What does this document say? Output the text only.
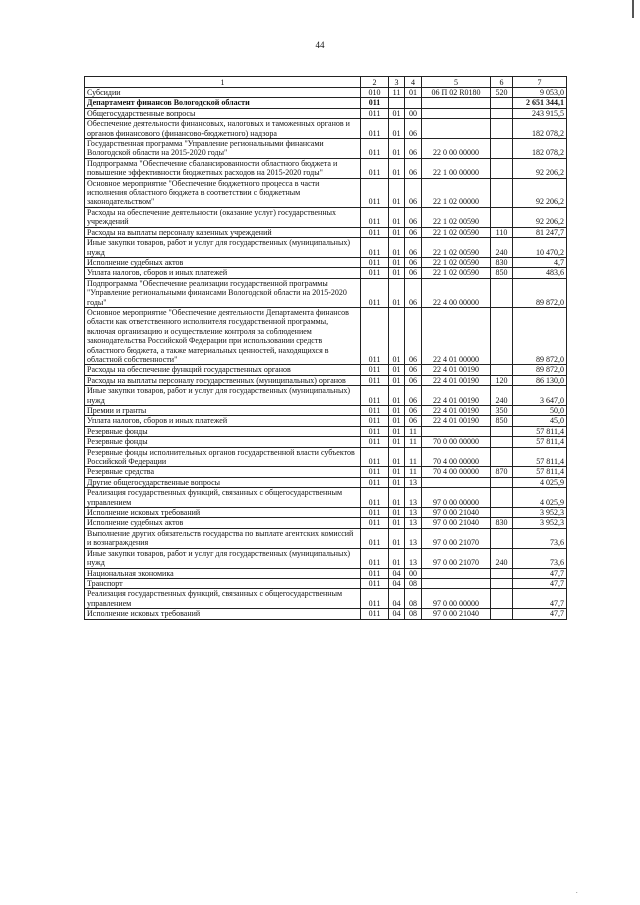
44
1	2	3	4	5	6	7
Субсидии	010	11	01	06 П 02 R0180	520	9 053,0
Департамент финансов Вологодской области	011					2 651 344,1
Общегосударственные вопросы	011	01	00			243 915,5
Обеспечение деятельности финансовых, налоговых и таможенных органов и органов финансового (финансово-бюджетного) надзора	011	01	06			182 078,2
Государственная программа "Управление региональными финансами Вологодской области на 2015-2020 годы"	011	01	06	22 0 00 00000		182 078,2
Подпрограмма "Обеспечение сбалансированности областного бюджета и повышение эффективности бюджетных расходов на 2015-2020 годы"	011	01	06	22 1 00 00000		92 206,2
Основное мероприятие "Обеспечение бюджетного процесса в части исполнения областного бюджета в соответствии с бюджетным законодательством"	011	01	06	22 1 02 00000		92 206,2
Расходы на обеспечение деятельности (оказание услуг) государственных учреждений	011	01	06	22 1 02 00590		92 206,2
Расходы на выплаты персоналу казенных учреждений	011	01	06	22 1 02 00590	110	81 247,7
Иные закупки товаров, работ и услуг для государственных (муниципальных) нужд	011	01	06	22 1 02 00590	240	10 470,2
Исполнение судебных актов	011	01	06	22 1 02 00590	830	4,7
Уплата налогов, сборов и иных платежей	011	01	06	22 1 02 00590	850	483,6
Подпрограмма "Обеспечение реализации государственной программы "Управление региональными финансами Вологодской области на 2015-2020 годы"	011	01	06	22 4 00 00000		89 872,0
Основное мероприятие "Обеспечение деятельности Департамента финансов области как ответственного исполнителя государственной программы, включая организацию и осуществление контроля за соблюдением законодательства Российской Федерации при использовании средств областного бюджета, а также материальных ценностей, находящихся в областной собственности"	011	01	06	22 4 01 00000		89 872,0
Расходы на обеспечение функций государственных органов	011	01	06	22 4 01 00190		89 872,0
Расходы на выплаты персоналу государственных (муниципальных) органов	011	01	06	22 4 01 00190	120	86 130,0
Иные закупки товаров, работ и услуг для государственных (муниципальных) нужд	011	01	06	22 4 01 00190	240	3 647,0
Премии и гранты	011	01	06	22 4 01 00190	350	50,0
Уплата налогов, сборов и иных платежей	011	01	06	22 4 01 00190	850	45,0
Резервные фонды	011	01	11			57 811,4
Резервные фонды	011	01	11	70 0 00 00000		57 811,4
Резервные фонды исполнительных органов государственной власти субъектов Российской Федерации	011	01	11	70 4 00 00000		57 811,4
Резервные средства	011	01	11	70 4 00 00000	870	57 811,4
Другие общегосударственные вопросы	011	01	13			4 025,9
Реализация государственных функций, связанных с общегосударственным управлением	011	01	13	97 0 00 00000		4 025,9
Исполнение исковых требований	011	01	13	97 0 00 21040		3 952,3
Исполнение судебных актов	011	01	13	97 0 00 21040	830	3 952,3
Выполнение других обязательств государства по выплате агентских комиссий и вознаграждения	011	01	13	97 0 00 21070		73,6
Иные закупки товаров, работ и услуг для государственных (муниципальных) нужд	011	01	13	97 0 00 21070	240	73,6
Национальная экономика	011	04	00			47,7
Транспорт	011	04	08			47,7
Реализация государственных функций, связанных с общегосударственным управлением	011	04	08	97 0 00 00000		47,7
Исполнение исковых требований	011	04	08	97 0 00 21040		47,7
·
